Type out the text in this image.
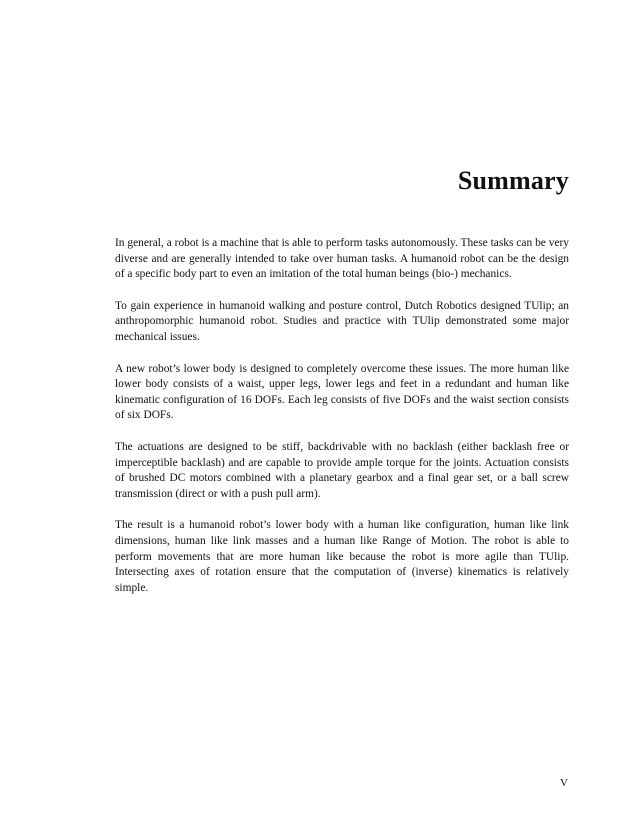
Summary

In general, a robot is a machine that is able to perform tasks autonomously. These tasks can be very diverse and are generally intended to take over human tasks. A humanoid robot can be the design of a specific body part to even an imitation of the total human beings (bio-) mechanics.

To gain experience in humanoid walking and posture control, Dutch Robotics designed TUlip; an anthropomorphic humanoid robot. Studies and practice with TUlip demonstrated some major mechanical issues.

A new robot’s lower body is designed to completely overcome these issues. The more human like lower body consists of a waist, upper legs, lower legs and feet in a redundant and human like kinematic configuration of 16 DOFs. Each leg consists of five DOFs and the waist section consists of six DOFs.

The actuations are designed to be stiff, backdrivable with no backlash (either backlash free or imperceptible backlash) and are capable to provide ample torque for the joints. Actuation consists of brushed DC motors combined with a planetary gearbox and a final gear set, or a ball screw transmission (direct or with a push pull arm).

The result is a humanoid robot’s lower body with a human like configuration, human like link dimensions, human like link masses and a human like Range of Motion. The robot is able to perform movements that are more human like because the robot is more agile than TUlip. Intersecting axes of rotation ensure that the computation of (inverse) kinematics is relatively simple.

V
